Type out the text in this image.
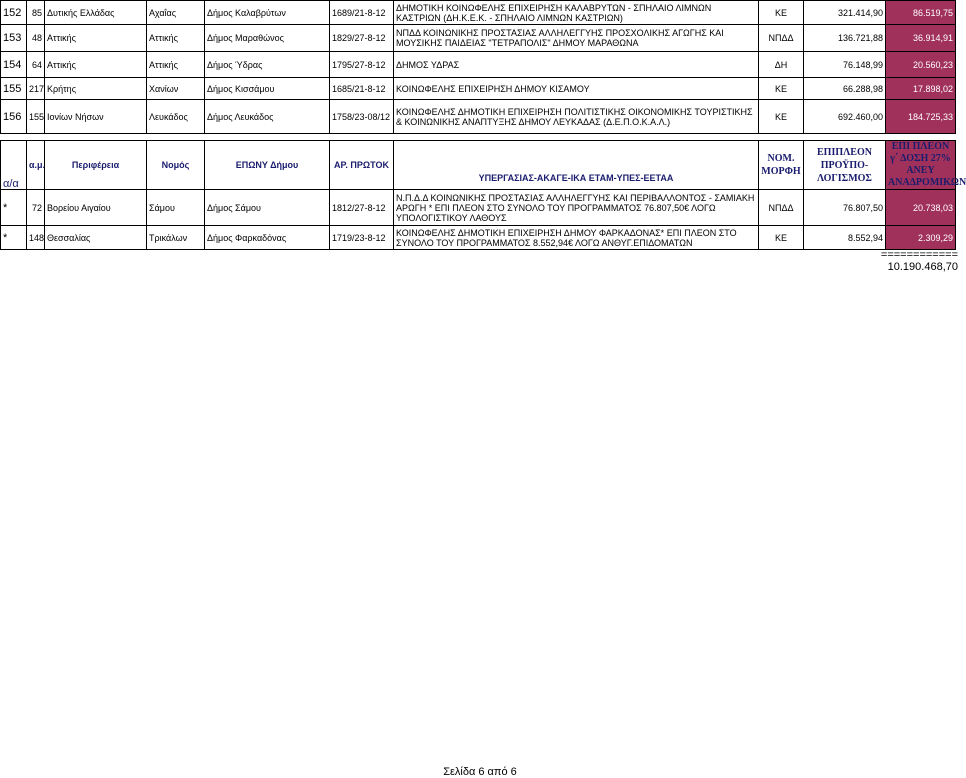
152	85	Δυτικής Ελλάδας	Αχαΐας	Δήμος Καλαβρύτων	1689/21-8-12	ΔΗΜΟΤΙΚΗ ΚΟΙΝΩΦΕΛΗΣ ΕΠΙΧΕΙΡΗΣΗ ΚΑΛΑΒΡΥΤΩΝ - ΣΠΗΛΑΙΟ ΛΙΜΝΩΝ ΚΑΣΤΡΙΩΝ (ΔΗ.Κ.Ε.Κ. - ΣΠΗΛΑΙΟ ΛΙΜΝΩΝ ΚΑΣΤΡΙΩΝ)	ΚΕ	321.414,90	86.519,75
153	48	Αττικής	Αττικής	Δήμος Μαραθώνος	1829/27-8-12	ΝΠΔΔ ΚΟΙΝΩΝΙΚΗΣ ΠΡΟΣΤΑΣΙΑΣ ΑΛΛΗΛΕΓΓΥΗΣ ΠΡΟΣΧΟΛΙΚΗΣ ΑΓΩΓΗΣ ΚΑΙ ΜΟΥΣΙΚΗΣ ΠΑΙΔΕΙΑΣ "ΤΕΤΡΑΠΟΛΙΣ" ΔΗΜΟΥ ΜΑΡΑΘΩΝΑ	ΝΠΔΔ	136.721,88	36.914,91
154	64	Αττικής	Αττικής	Δήμος Ύδρας	1795/27-8-12	ΔΗΜΟΣ ΥΔΡΑΣ	ΔΗ	76.148,99	20.560,23
155	217	Κρήτης	Χανίων	Δήμος Κισσάμου	1685/21-8-12	ΚΟΙΝΩΦΕΛΗΣ ΕΠΙΧΕΙΡΗΣΗ ΔΗΜΟΥ ΚΙΣΑΜΟΥ	ΚΕ	66.288,98	17.898,02
156	155	Ιονίων Νήσων	Λευκάδος	Δήμος Λευκάδος	1758/23-08/12	ΚΟΙΝΩΦΕΛΗΣ ΔΗΜΟΤΙΚΗ ΕΠΙΧΕΙΡΗΣΗ ΠΟΛΙΤΙΣΤΙΚΗΣ ΟΙΚΟΝΟΜΙΚΗΣ ΤΟΥΡΙΣΤΙΚΗΣ & ΚΟΙΝΩΝΙΚΗΣ ΑΝΑΠΤΥΞΗΣ ΔΗΜΟΥ ΛΕΥΚΑΔΑΣ (Δ.Ε.Π.Ο.Κ.Α.Λ.)	ΚΕ	692.460,00	184.725,33
α/α	α.μ.	Περιφέρεια	Νομός	ΕΠΩΝΥ Δήμου	ΑΡ. ΠΡΩΤΟΚ	ΥΠΕΡΓΑΣΙΑΣ-ΑΚΑΓΕ-ΙΚΑ ΕΤΑΜ-ΥΠΕΣ-ΕΕΤΑΑ	ΝΟΜ. ΜΟΡΦΗ	ΕΠΙΠΛΕΟΝ ΠΡΟΫΠΟ-ΛΟΓΙΣΜΟΣ	ΕΠΙ ΠΛΕΟΝ γ΄ ΔΟΣΗ 27% ΑΝΕΥ ΑΝΑΔΡΟΜΙΚΩΝ
*	72	Βορείου Αιγαίου	Σάμου	Δήμος Σάμου	1812/27-8-12	Ν.Π.Δ.Δ ΚΟΙΝΩΝΙΚΗΣ ΠΡΟΣΤΑΣΙΑΣ ΑΛΛΗΛΕΓΓΥΗΣ ΚΑΙ ΠΕΡΙΒΑΛΛΟΝΤΟΣ - ΣΑΜΙΑΚΗ ΑΡΩΓΗ * ΕΠΙ ΠΛΕΟΝ ΣΤΟ ΣΥΝΟΛΟ ΤΟΥ ΠΡΟΓΡΑΜΜΑΤΟΣ 76.807,50€ ΛΟΓΩ ΥΠΟΛΟΓΙΣΤΙΚΟΥ ΛΑΘΟΥΣ	ΝΠΔΔ	76.807,50	20.738,03
*	148	Θεσσαλίας	Τρικάλων	Δήμος Φαρκαδόνας	1719/23-8-12	ΚΟΙΝΩΦΕΛΗΣ ΔΗΜΟΤΙΚΗ ΕΠΙΧΕΙΡΗΣΗ ΔΗΜΟΥ ΦΑΡΚΑΔΟΝΑΣ* ΕΠΙ ΠΛΕΟΝ ΣΤΟ ΣΥΝΟΛΟ ΤΟΥ ΠΡΟΓΡΑΜΜΑΤΟΣ 8.552,94€ ΛΟΓΩ ΑΝΘΥΓ.ΕΠΙΔΟΜΑΤΩΝ	ΚΕ	8.552,94	2.309,29
============
10.190.468,70
Σελίδα 6 από 6
